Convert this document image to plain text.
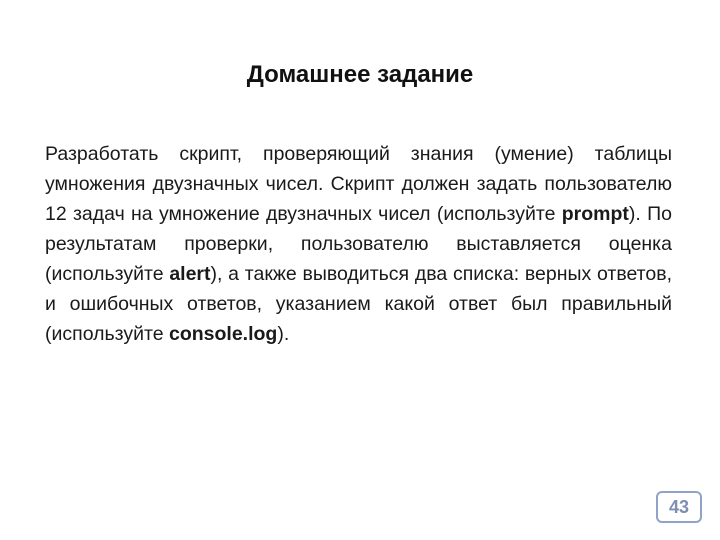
Домашнее задание

Разработать скрипт, проверяющий знания (умение) таблицы умножения двузначных чисел. Скрипт должен задать пользователю 12 задач на умножение двузначных чисел (используйте prompt). По результатам проверки, пользователю выставляется оценка (используйте alert), а также выводиться два списка: верных ответов, и ошибочных ответов, указанием какой ответ был правильный (используйте console.log).

43
